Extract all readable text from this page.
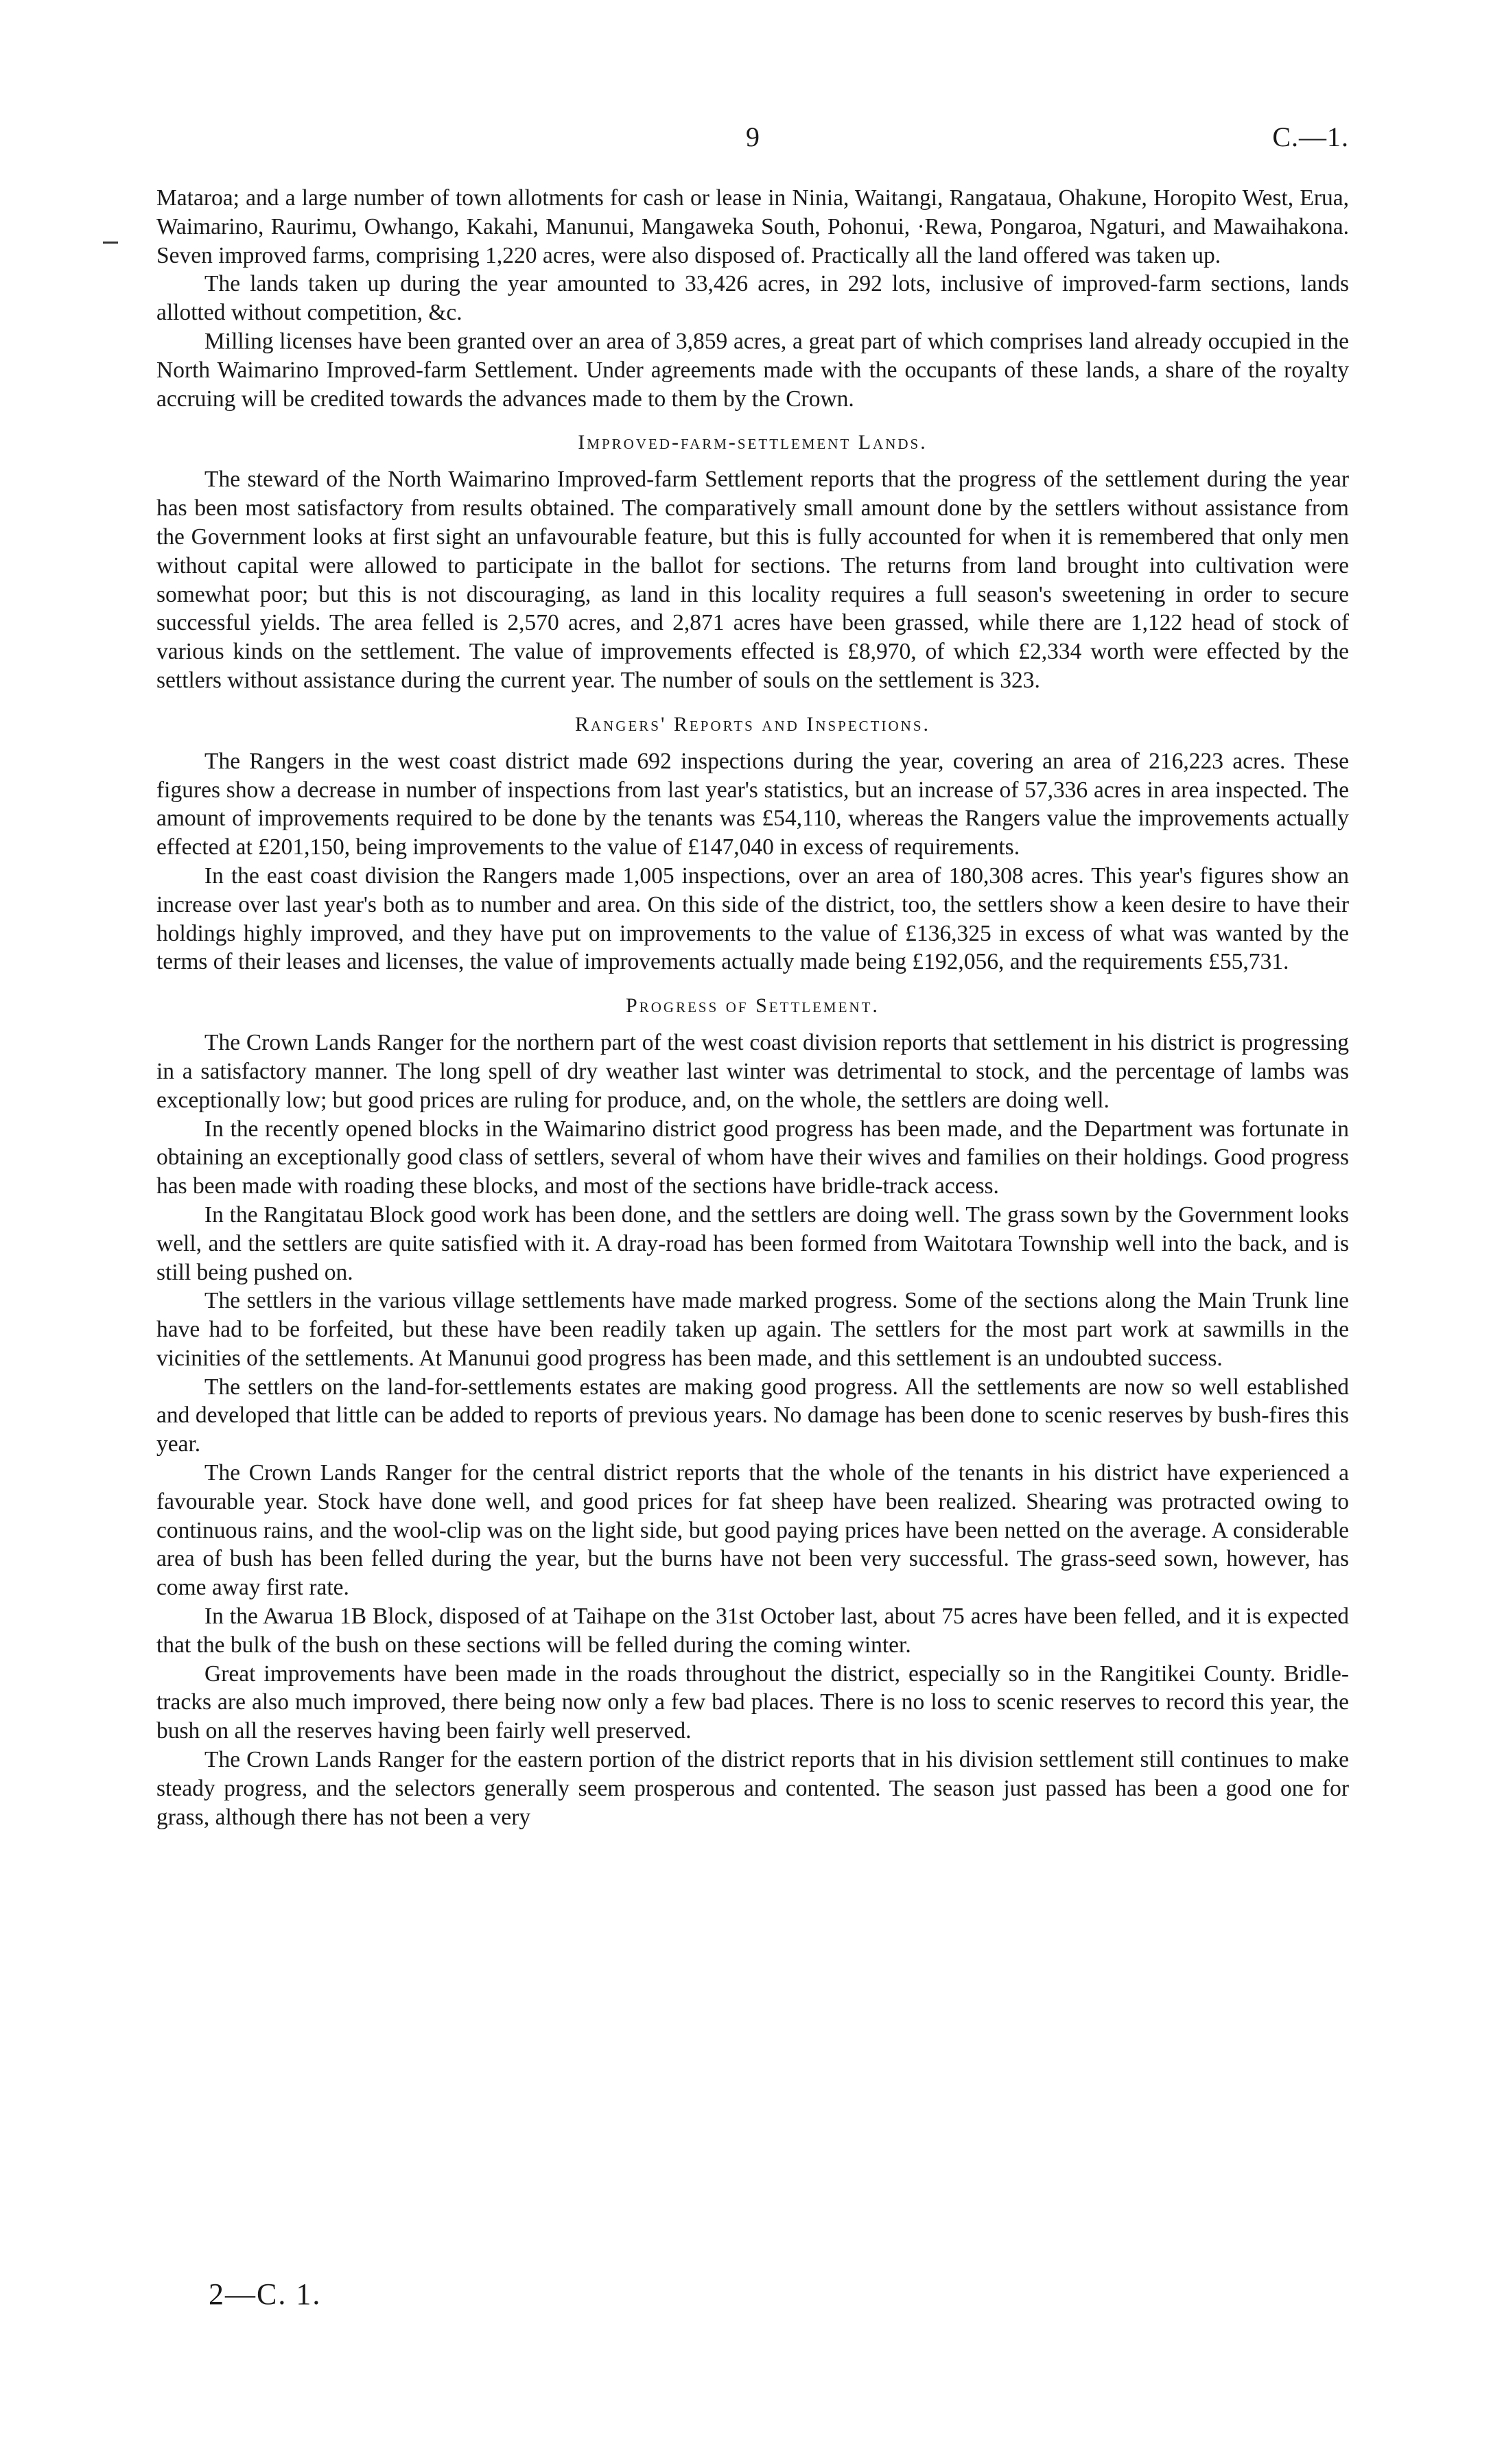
9	C.—1.

Mataroa; and a large number of town allotments for cash or lease in Ninia, Waitangi, Rangataua, Ohakune, Horopito West, Erua, Waimarino, Raurimu, Owhango, Kakahi, Manunui, Mangaweka South, Pohonui, ·Rewa, Pongaroa, Ngaturi, and Mawaihakona. Seven improved farms, comprising 1,220 acres, were also disposed of. Practically all the land offered was taken up.

The lands taken up during the year amounted to 33,426 acres, in 292 lots, inclusive of improved-farm sections, lands allotted without competition, &c.

Milling licenses have been granted over an area of 3,859 acres, a great part of which comprises land already occupied in the North Waimarino Improved-farm Settlement. Under agreements made with the occupants of these lands, a share of the royalty accruing will be credited towards the advances made to them by the Crown.

Improved-farm-settlement Lands.

The steward of the North Waimarino Improved-farm Settlement reports that the progress of the settlement during the year has been most satisfactory from results obtained. The comparatively small amount done by the settlers without assistance from the Government looks at first sight an unfavourable feature, but this is fully accounted for when it is remembered that only men without capital were allowed to participate in the ballot for sections. The returns from land brought into cultivation were somewhat poor; but this is not discouraging, as land in this locality requires a full season's sweetening in order to secure successful yields. The area felled is 2,570 acres, and 2,871 acres have been grassed, while there are 1,122 head of stock of various kinds on the settlement. The value of improvements effected is £8,970, of which £2,334 worth were effected by the settlers without assistance during the current year. The number of souls on the settlement is 323.

Rangers' Reports and Inspections.

The Rangers in the west coast district made 692 inspections during the year, covering an area of 216,223 acres. These figures show a decrease in number of inspections from last year's statistics, but an increase of 57,336 acres in area inspected. The amount of improvements required to be done by the tenants was £54,110, whereas the Rangers value the improvements actually effected at £201,150, being improvements to the value of £147,040 in excess of requirements.

In the east coast division the Rangers made 1,005 inspections, over an area of 180,308 acres. This year's figures show an increase over last year's both as to number and area. On this side of the district, too, the settlers show a keen desire to have their holdings highly improved, and they have put on improvements to the value of £136,325 in excess of what was wanted by the terms of their leases and licenses, the value of improvements actually made being £192,056, and the requirements £55,731.

Progress of Settlement.

The Crown Lands Ranger for the northern part of the west coast division reports that settlement in his district is progressing in a satisfactory manner. The long spell of dry weather last winter was detrimental to stock, and the percentage of lambs was exceptionally low; but good prices are ruling for produce, and, on the whole, the settlers are doing well.

In the recently opened blocks in the Waimarino district good progress has been made, and the Department was fortunate in obtaining an exceptionally good class of settlers, several of whom have their wives and families on their holdings. Good progress has been made with roading these blocks, and most of the sections have bridle-track access.

In the Rangitatau Block good work has been done, and the settlers are doing well. The grass sown by the Government looks well, and the settlers are quite satisfied with it. A dray-road has been formed from Waitotara Township well into the back, and is still being pushed on.

The settlers in the various village settlements have made marked progress. Some of the sections along the Main Trunk line have had to be forfeited, but these have been readily taken up again. The settlers for the most part work at sawmills in the vicinities of the settlements. At Manunui good progress has been made, and this settlement is an undoubted success.

The settlers on the land-for-settlements estates are making good progress. All the settlements are now so well established and developed that little can be added to reports of previous years. No damage has been done to scenic reserves by bush-fires this year.

The Crown Lands Ranger for the central district reports that the whole of the tenants in his district have experienced a favourable year. Stock have done well, and good prices for fat sheep have been realized. Shearing was protracted owing to continuous rains, and the wool-clip was on the light side, but good paying prices have been netted on the average. A considerable area of bush has been felled during the year, but the burns have not been very successful. The grass-seed sown, however, has come away first rate.

In the Awarua 1B Block, disposed of at Taihape on the 31st October last, about 75 acres have been felled, and it is expected that the bulk of the bush on these sections will be felled during the coming winter.

Great improvements have been made in the roads throughout the district, especially so in the Rangitikei County. Bridle-tracks are also much improved, there being now only a few bad places. There is no loss to scenic reserves to record this year, the bush on all the reserves having been fairly well preserved.

The Crown Lands Ranger for the eastern portion of the district reports that in his division settlement still continues to make steady progress, and the selectors generally seem prosperous and contented. The season just passed has been a good one for grass, although there has not been a very

2—C. 1.
